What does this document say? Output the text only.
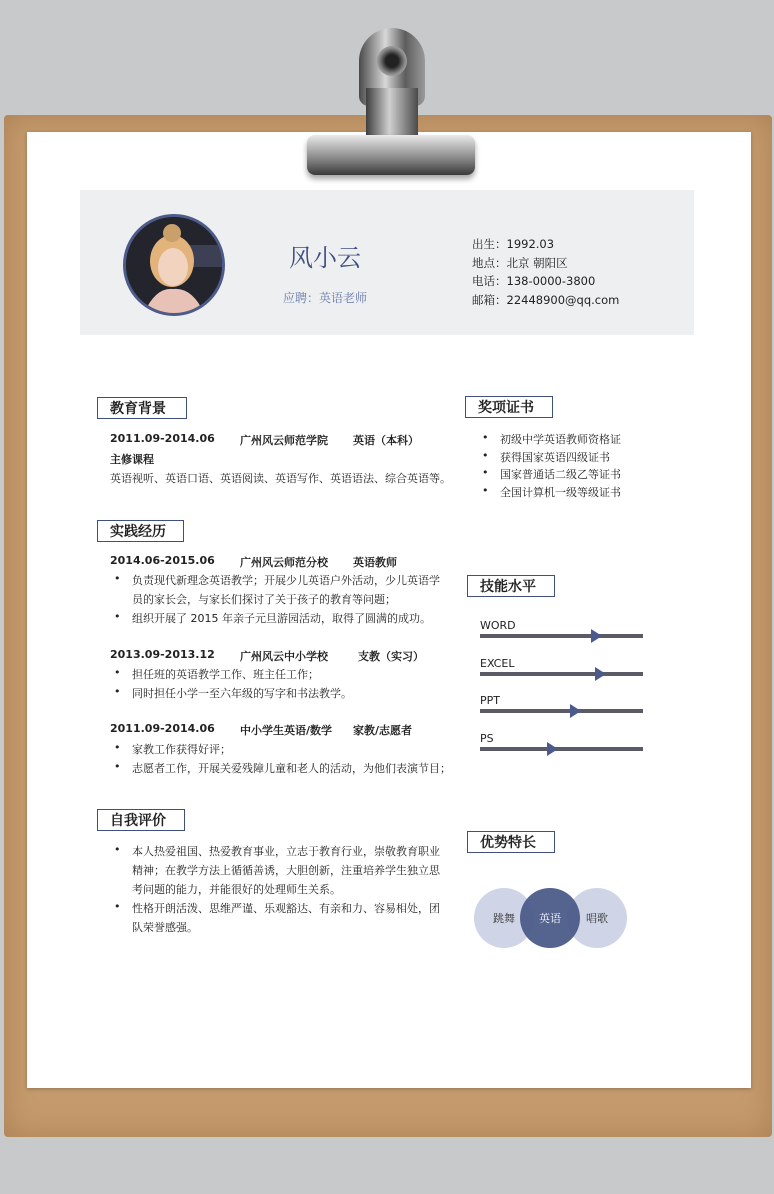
风小云
应聘：英语老师
出生：1992.03
地点：北京 朝阳区
电话：138-0000-3800
邮箱：22448900@qq.com
教育背景
2011.09-2014.06 广州风云师范学院 英语（本科）
主修课程
英语视听、英语口语、英语阅读、英语写作、英语语法、综合英语等。
实践经历
2014.06-2015.06 广州风云师范分校 英语教师
• 负责现代新理念英语教学；开展少儿英语户外活动，少儿英语学
员的家长会，与家长们探讨了关于孩子的教育等问题；
• 组织开展了 2015 年亲子元旦游园活动，取得了圆满的成功。
2013.09-2013.12 广州风云中小学校	支教（实习）
• 担任班的英语教学工作、班主任工作；
• 同时担任小学一至六年级的写字和书法教学。
2011.09-2014.06 中小学生英语/数学 家教/志愿者
• 家教工作获得好评；
• 志愿者工作，开展关爱残障儿童和老人的活动，为他们表演节目；
自我评价
• 本人热爱祖国、热爱教育事业，立志于教育行业，崇敬教育职业
精神；在教学方法上循循善诱，大胆创新，注重培养学生独立思
考问题的能力，并能很好的处理师生关系。
• 性格开朗活泼、思维严谨、乐观豁达、有亲和力、容易相处，团
队荣誉感强。
奖项证书
• 初级中学英语教师资格证
• 获得国家英语四级证书
• 国家普通话二级乙等证书
• 全国计算机一级等级证书
技能水平
WORD
EXCEL
PPT
PS
优势特长
跳舞	唱歌
英语
